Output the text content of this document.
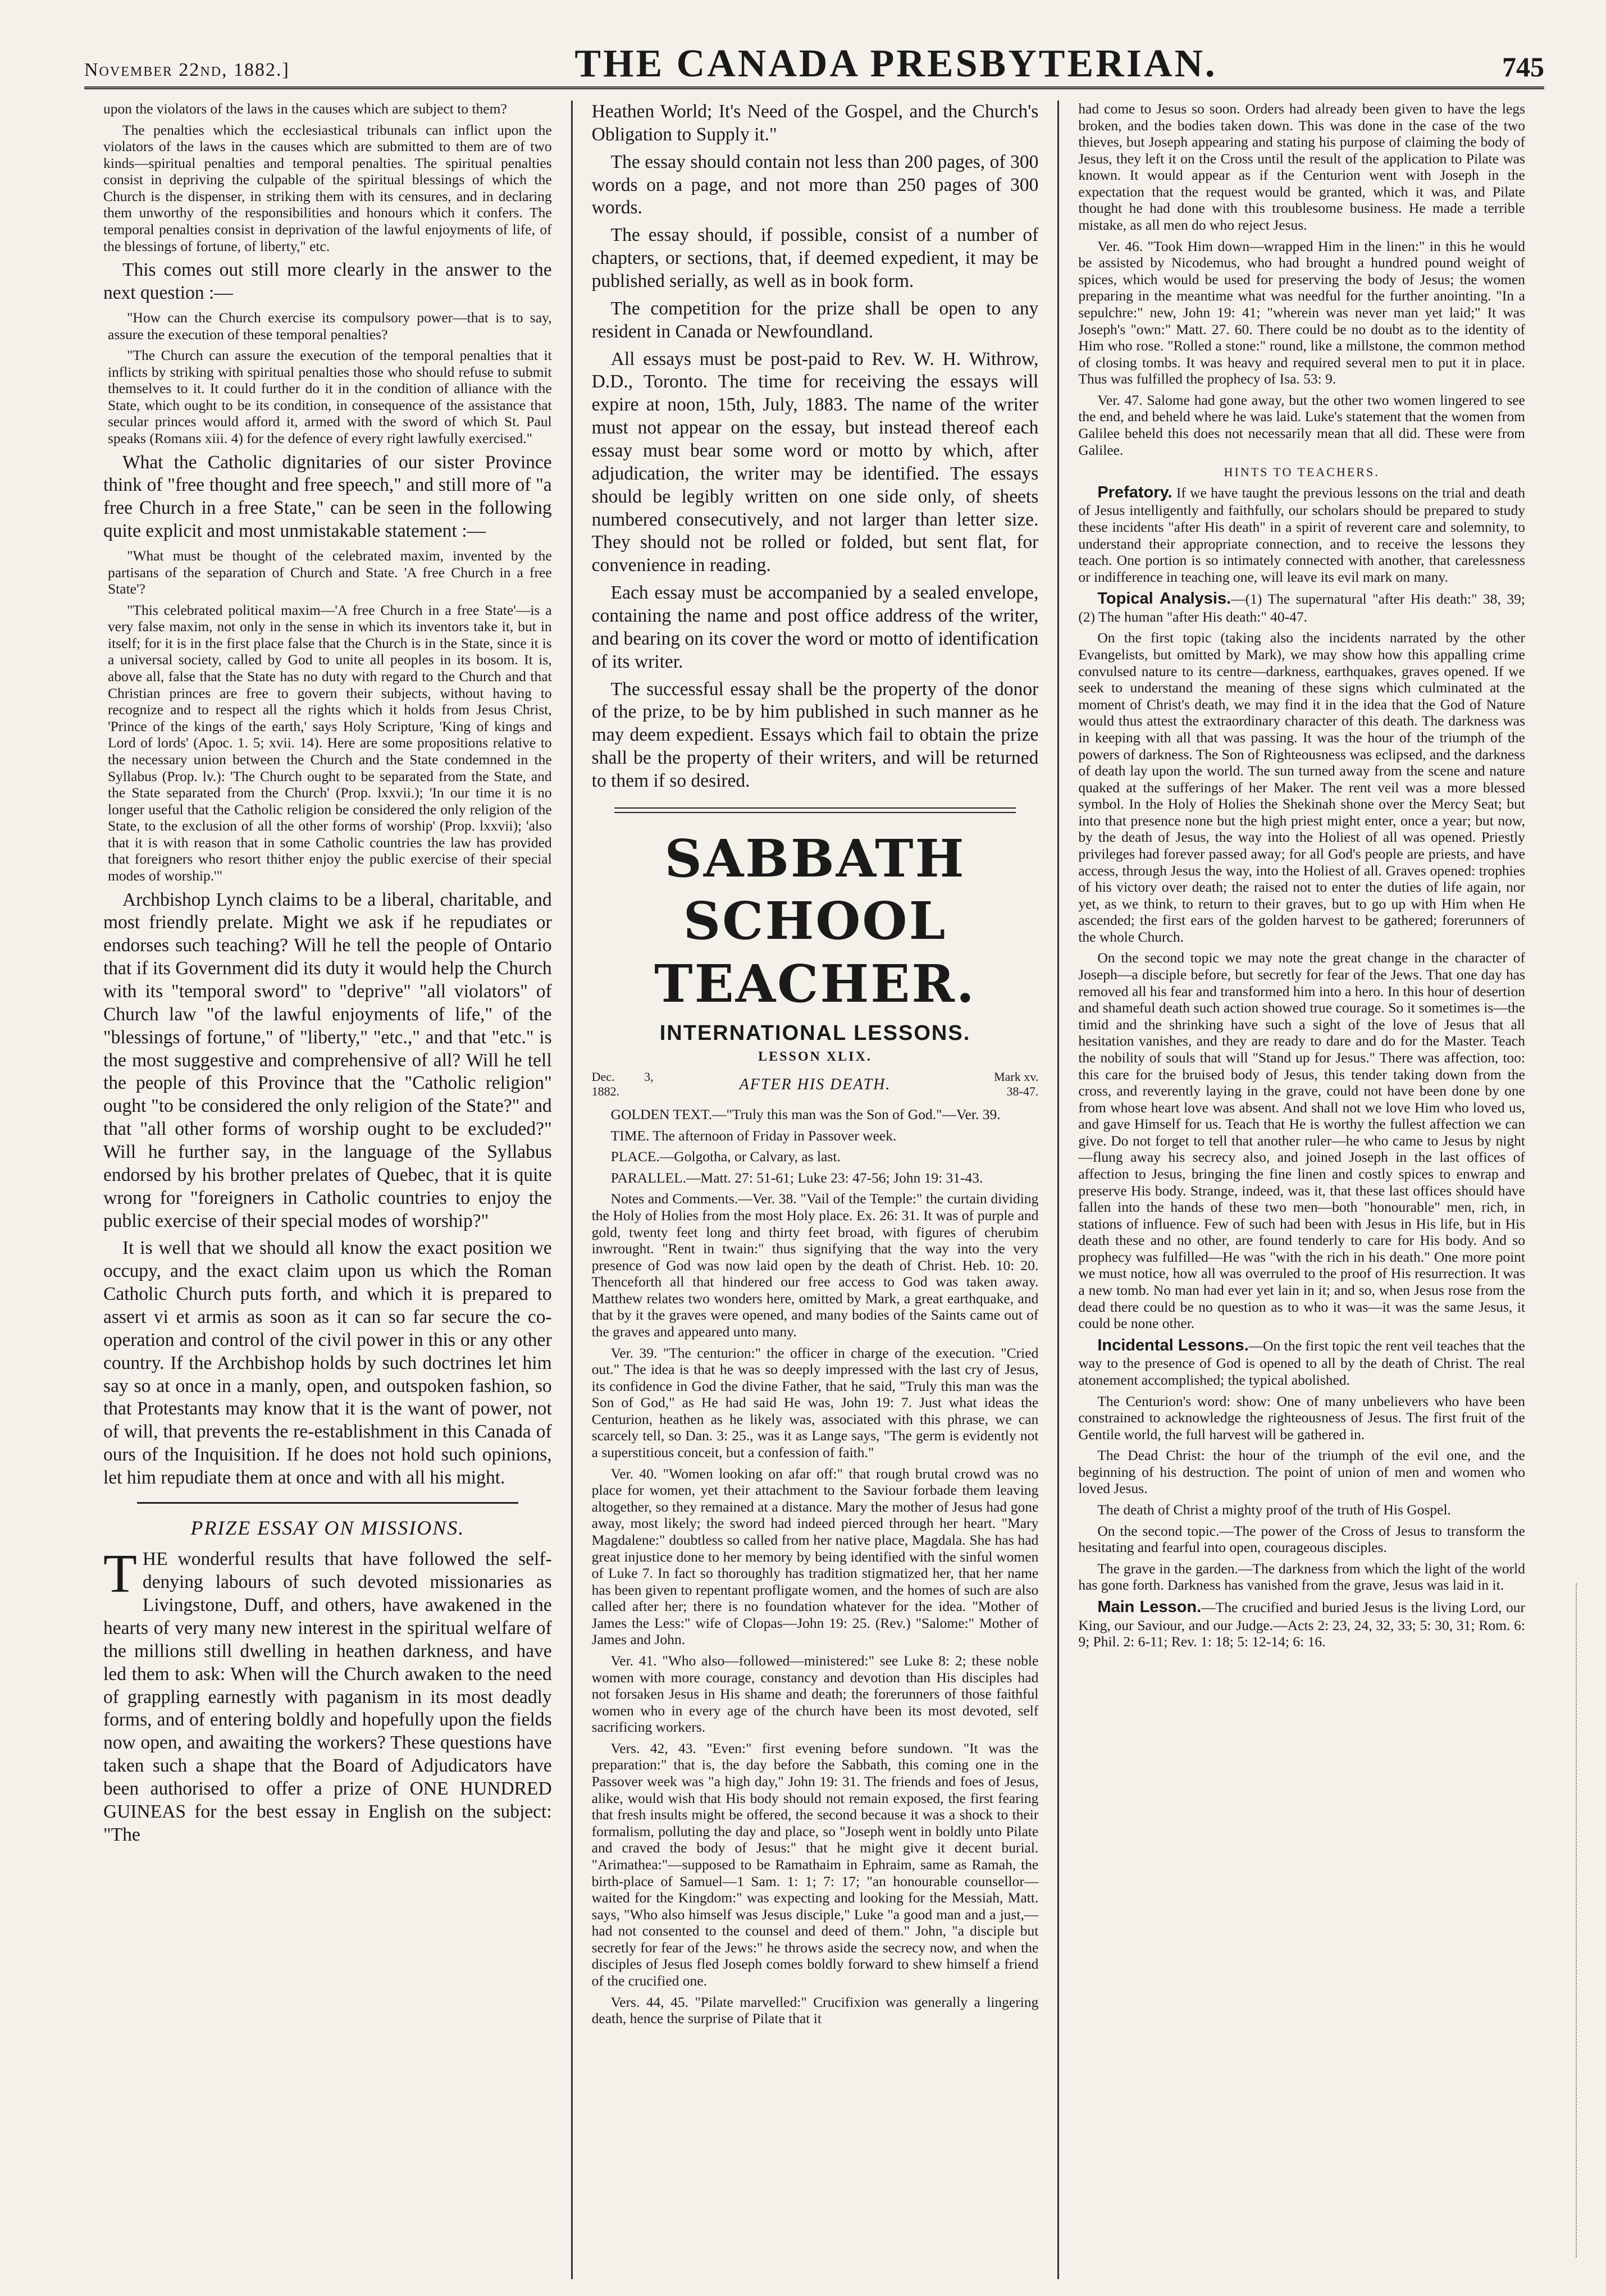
November 22nd, 1882.]	THE CANADA PRESBYTERIAN.	745

upon the violators of the laws in the causes which are subject to them?

The penalties which the ecclesiastical tribunals can inflict upon the violators of the laws in the causes which are submitted to them are of two kinds—spiritual penalties and temporal penalties. The spiritual penalties consist in depriving the culpable of the spiritual blessings of which the Church is the dispenser, in striking them with its censures, and in declaring them unworthy of the responsibilities and honours which it confers. The temporal penalties consist in deprivation of the lawful enjoyments of life, of the blessings of fortune, of liberty," etc.

This comes out still more clearly in the answer to the next question :—

"How can the Church exercise its compulsory power—that is to say, assure the execution of these temporal penalties?

"The Church can assure the execution of the temporal penalties that it inflicts by striking with spiritual penalties those who should refuse to submit themselves to it. It could further do it in the condition of alliance with the State, which ought to be its condition, in consequence of the assistance that secular princes would afford it, armed with the sword of which St. Paul speaks (Romans xiii. 4) for the defence of every right lawfully exercised."

What the Catholic dignitaries of our sister Province think of "free thought and free speech," and still more of "a free Church in a free State," can be seen in the following quite explicit and most unmistakable statement :—

"What must be thought of the celebrated maxim, invented by the partisans of the separation of Church and State. 'A free Church in a free State'?

"This celebrated political maxim—'A free Church in a free State'—is a very false maxim, not only in the sense in which its inventors take it, but in itself; for it is in the first place false that the Church is in the State, since it is a universal society, called by God to unite all peoples in its bosom. It is, above all, false that the State has no duty with regard to the Church and that Christian princes are free to govern their subjects, without having to recognize and to respect all the rights which it holds from Jesus Christ, 'Prince of the kings of the earth,' says Holy Scripture, 'King of kings and Lord of lords' (Apoc. 1. 5; xvii. 14). Here are some propositions relative to the necessary union between the Church and the State condemned in the Syllabus (Prop. lv.): 'The Church ought to be separated from the State, and the State separated from the Church' (Prop. lxxvii.); 'In our time it is no longer useful that the Catholic religion be considered the only religion of the State, to the exclusion of all the other forms of worship' (Prop. lxxvii); 'also that it is with reason that in some Catholic countries the law has provided that foreigners who resort thither enjoy the public exercise of their special modes of worship.'"

Archbishop Lynch claims to be a liberal, charitable, and most friendly prelate. Might we ask if he repudiates or endorses such teaching? Will he tell the people of Ontario that if its Government did its duty it would help the Church with its "temporal sword" to "deprive" "all violators" of Church law "of the lawful enjoyments of life," of the "blessings of fortune," of "liberty," "etc.," and that "etc." is the most suggestive and comprehensive of all? Will he tell the people of this Province that the "Catholic religion" ought "to be considered the only religion of the State?" and that "all other forms of worship ought to be excluded?" Will he further say, in the language of the Syllabus endorsed by his brother prelates of Quebec, that it is quite wrong for "foreigners in Catholic countries to enjoy the public exercise of their special modes of worship?"

It is well that we should all know the exact position we occupy, and the exact claim upon us which the Roman Catholic Church puts forth, and which it is prepared to assert vi et armis as soon as it can so far secure the co-operation and control of the civil power in this or any other country. If the Archbishop holds by such doctrines let him say so at once in a manly, open, and outspoken fashion, so that Protestants may know that it is the want of power, not of will, that prevents the re-establishment in this Canada of ours of the Inquisition. If he does not hold such opinions, let him repudiate them at once and with all his might.

PRIZE ESSAY ON MISSIONS.

THE wonderful results that have followed the self-denying labours of such devoted missionaries as Livingstone, Duff, and others, have awakened in the hearts of very many new interest in the spiritual welfare of the millions still dwelling in heathen darkness, and have led them to ask: When will the Church awaken to the need of grappling earnestly with paganism in its most deadly forms, and of entering boldly and hopefully upon the fields now open, and awaiting the workers? These questions have taken such a shape that the Board of Adjudicators have been authorised to offer a prize of ONE HUNDRED GUINEAS for the best essay in English on the subject: "The

Heathen World; It's Need of the Gospel, and the Church's Obligation to Supply it."

The essay should contain not less than 200 pages, of 300 words on a page, and not more than 250 pages of 300 words.

The essay should, if possible, consist of a number of chapters, or sections, that, if deemed expedient, it may be published serially, as well as in book form.

The competition for the prize shall be open to any resident in Canada or Newfoundland.

All essays must be post-paid to Rev. W. H. Withrow, D.D., Toronto. The time for receiving the essays will expire at noon, 15th, July, 1883. The name of the writer must not appear on the essay, but instead thereof each essay must bear some word or motto by which, after adjudication, the writer may be identified. The essays should be legibly written on one side only, of sheets numbered consecutively, and not larger than letter size. They should not be rolled or folded, but sent flat, for convenience in reading.

Each essay must be accompanied by a sealed envelope, containing the name and post office address of the writer, and bearing on its cover the word or motto of identification of its writer.

The successful essay shall be the property of the donor of the prize, to be by him published in such manner as he may deem expedient. Essays which fail to obtain the prize shall be the property of their writers, and will be returned to them if so desired.

SABBATH SCHOOL TEACHER.
INTERNATIONAL LESSONS.
LESSON XLIX.
Dec. 3, 1882.	AFTER HIS DEATH.	Mark xv. 38-47.

GOLDEN TEXT.—"Truly this man was the Son of God."—Ver. 39.

TIME. The afternoon of Friday in Passover week.

PLACE.—Golgotha, or Calvary, as last.

PARALLEL.—Matt. 27: 51-61; Luke 23: 47-56; John 19: 31-43.

Notes and Comments.—Ver. 38. "Vail of the Temple:" the curtain dividing the Holy of Holies from the most Holy place. Ex. 26: 31. It was of purple and gold, twenty feet long and thirty feet broad, with figures of cherubim inwrought. "Rent in twain:" thus signifying that the way into the very presence of God was now laid open by the death of Christ. Heb. 10: 20. Thenceforth all that hindered our free access to God was taken away. Matthew relates two wonders here, omitted by Mark, a great earthquake, and that by it the graves were opened, and many bodies of the Saints came out of the graves and appeared unto many.

Ver. 39. "The centurion:" the officer in charge of the execution. "Cried out." The idea is that he was so deeply impressed with the last cry of Jesus, its confidence in God the divine Father, that he said, "Truly this man was the Son of God," as He had said He was, John 19: 7. Just what ideas the Centurion, heathen as he likely was, associated with this phrase, we can scarcely tell, so Dan. 3: 25., was it as Lange says, "The germ is evidently not a superstitious conceit, but a confession of faith."

Ver. 40. "Women looking on afar off:" that rough brutal crowd was no place for women, yet their attachment to the Saviour forbade them leaving altogether, so they remained at a distance. Mary the mother of Jesus had gone away, most likely; the sword had indeed pierced through her heart. "Mary Magdalene:" doubtless so called from her native place, Magdala. She has had great injustice done to her memory by being identified with the sinful women of Luke 7. In fact so thoroughly has tradition stigmatized her, that her name has been given to repentant profligate women, and the homes of such are also called after her; there is no foundation whatever for the idea. "Mother of James the Less:" wife of Clopas—John 19: 25. (Rev.) "Salome:" Mother of James and John.

Ver. 41. "Who also—followed—ministered:" see Luke 8: 2; these noble women with more courage, constancy and devotion than His disciples had not forsaken Jesus in His shame and death; the forerunners of those faithful women who in every age of the church have been its most devoted, self sacrificing workers.

Vers. 42, 43. "Even:" first evening before sundown. "It was the preparation:" that is, the day before the Sabbath, this coming one in the Passover week was "a high day," John 19: 31. The friends and foes of Jesus, alike, would wish that His body should not remain exposed, the first fearing that fresh insults might be offered, the second because it was a shock to their formalism, polluting the day and place, so "Joseph went in boldly unto Pilate and craved the body of Jesus:" that he might give it decent burial. "Arimathea:"—supposed to be Ramathaim in Ephraim, same as Ramah, the birth-place of Samuel—1 Sam. 1: 1; 7: 17; "an honourable counsellor—waited for the Kingdom:" was expecting and looking for the Messiah, Matt. says, "Who also himself was Jesus disciple," Luke "a good man and a just,—had not consented to the counsel and deed of them." John, "a disciple but secretly for fear of the Jews:" he throws aside the secrecy now, and when the disciples of Jesus fled Joseph comes boldly forward to shew himself a friend of the crucified one.

Vers. 44, 45. "Pilate marvelled:" Crucifixion was generally a lingering death, hence the surprise of Pilate that it

had come to Jesus so soon. Orders had already been given to have the legs broken, and the bodies taken down. This was done in the case of the two thieves, but Joseph appearing and stating his purpose of claiming the body of Jesus, they left it on the Cross until the result of the application to Pilate was known. It would appear as if the Centurion went with Joseph in the expectation that the request would be granted, which it was, and Pilate thought he had done with this troublesome business. He made a terrible mistake, as all men do who reject Jesus.

Ver. 46. "Took Him down—wrapped Him in the linen:" in this he would be assisted by Nicodemus, who had brought a hundred pound weight of spices, which would be used for preserving the body of Jesus; the women preparing in the meantime what was needful for the further anointing. "In a sepulchre:" new, John 19: 41; "wherein was never man yet laid;" It was Joseph's "own:" Matt. 27. 60. There could be no doubt as to the identity of Him who rose. "Rolled a stone:" round, like a millstone, the common method of closing tombs. It was heavy and required several men to put it in place. Thus was fulfilled the prophecy of Isa. 53: 9.

Ver. 47. Salome had gone away, but the other two women lingered to see the end, and beheld where he was laid. Luke's statement that the women from Galilee beheld this does not necessarily mean that all did. These were from Galilee.

HINTS TO TEACHERS.

Prefatory. If we have taught the previous lessons on the trial and death of Jesus intelligently and faithfully, our scholars should be prepared to study these incidents "after His death" in a spirit of reverent care and solemnity, to understand their appropriate connection, and to receive the lessons they teach. One portion is so intimately connected with another, that carelessness or indifference in teaching one, will leave its evil mark on many.

Topical Analysis.—(1) The supernatural "after His death:" 38, 39; (2) The human "after His death:" 40-47.

On the first topic (taking also the incidents narrated by the other Evangelists, but omitted by Mark), we may show how this appalling crime convulsed nature to its centre—darkness, earthquakes, graves opened. If we seek to understand the meaning of these signs which culminated at the moment of Christ's death, we may find it in the idea that the God of Nature would thus attest the extraordinary character of this death. The darkness was in keeping with all that was passing. It was the hour of the triumph of the powers of darkness. The Son of Righteousness was eclipsed, and the darkness of death lay upon the world. The sun turned away from the scene and nature quaked at the sufferings of her Maker. The rent veil was a more blessed symbol. In the Holy of Holies the Shekinah shone over the Mercy Seat; but into that presence none but the high priest might enter, once a year; but now, by the death of Jesus, the way into the Holiest of all was opened. Priestly privileges had forever passed away; for all God's people are priests, and have access, through Jesus the way, into the Holiest of all. Graves opened: trophies of his victory over death; the raised not to enter the duties of life again, nor yet, as we think, to return to their graves, but to go up with Him when He ascended; the first ears of the golden harvest to be gathered; forerunners of the whole Church.

On the second topic we may note the great change in the character of Joseph—a disciple before, but secretly for fear of the Jews. That one day has removed all his fear and transformed him into a hero. In this hour of desertion and shameful death such action showed true courage. So it sometimes is—the timid and the shrinking have such a sight of the love of Jesus that all hesitation vanishes, and they are ready to dare and do for the Master. Teach the nobility of souls that will "Stand up for Jesus." There was affection, too: this care for the bruised body of Jesus, this tender taking down from the cross, and reverently laying in the grave, could not have been done by one from whose heart love was absent. And shall not we love Him who loved us, and gave Himself for us. Teach that He is worthy the fullest affection we can give. Do not forget to tell that another ruler—he who came to Jesus by night—flung away his secrecy also, and joined Joseph in the last offices of affection to Jesus, bringing the fine linen and costly spices to enwrap and preserve His body. Strange, indeed, was it, that these last offices should have fallen into the hands of these two men—both "honourable" men, rich, in stations of influence. Few of such had been with Jesus in His life, but in His death these and no other, are found tenderly to care for His body. And so prophecy was fulfilled—He was "with the rich in his death." One more point we must notice, how all was overruled to the proof of His resurrection. It was a new tomb. No man had ever yet lain in it; and so, when Jesus rose from the dead there could be no question as to who it was—it was the same Jesus, it could be none other.

Incidental Lessons.—On the first topic the rent veil teaches that the way to the presence of God is opened to all by the death of Christ. The real atonement accomplished; the typical abolished.

The Centurion's word: show: One of many unbelievers who have been constrained to acknowledge the righteousness of Jesus. The first fruit of the Gentile world, the full harvest will be gathered in.

The Dead Christ: the hour of the triumph of the evil one, and the beginning of his destruction. The point of union of men and women who loved Jesus.

The death of Christ a mighty proof of the truth of His Gospel.

On the second topic.—The power of the Cross of Jesus to transform the hesitating and fearful into open, courageous disciples.

The grave in the garden.—The darkness from which the light of the world has gone forth. Darkness has vanished from the grave, Jesus was laid in it.

Main Lesson.—The crucified and buried Jesus is the living Lord, our King, our Saviour, and our Judge.—Acts 2: 23, 24, 32, 33; 5: 30, 31; Rom. 6: 9; Phil. 2: 6-11; Rev. 1: 18; 5: 12-14; 6: 16.
